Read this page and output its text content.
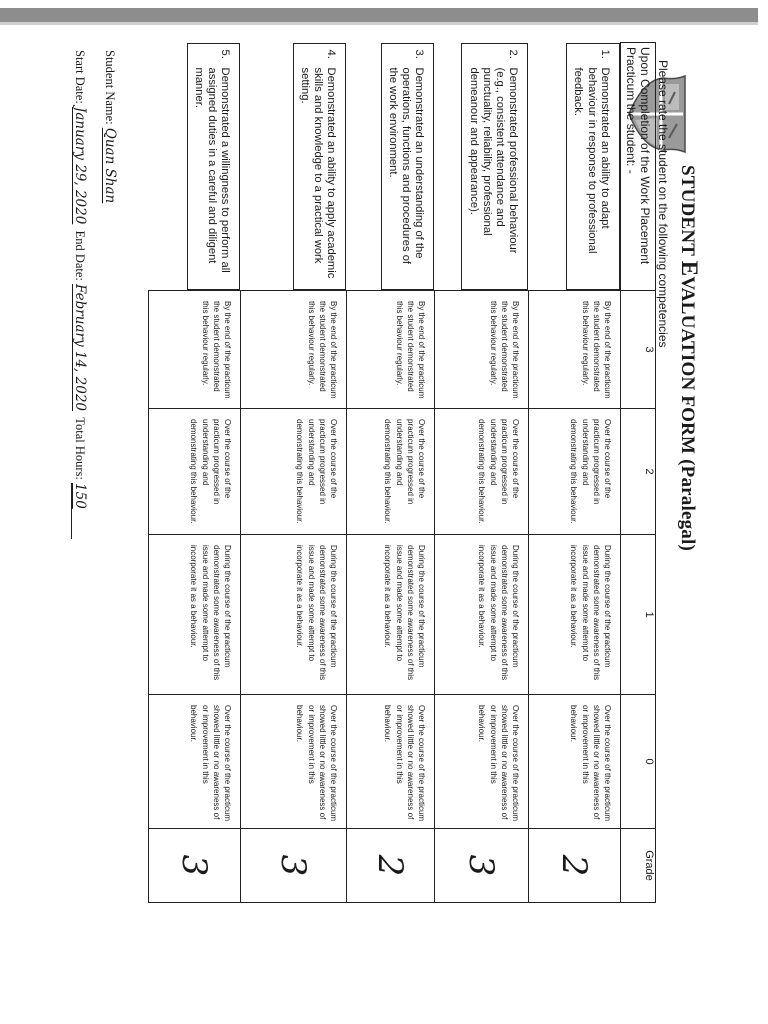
STUDENT EVALUATION FORM (Paralegal)
Please rate the student on the following competencies
Upon Completion of the Work Placement Practicum the student: -	3	2	1	0	Grade

1.
Demonstrated an ability to adapt behaviour in response to professional feedback.
By the end of the practicum the student demonstrated this behaviour regularly.	Over the course of the practicum progressed in understanding and demonstrating this behaviour.	During the course of the practicum demonstrated some awareness of this issue and made some attempt to incorporate it as a behaviour.	Over the course of the practicum showed little or no awareness of or improvement in this behaviour.	2

2.
Demonstrated professional behaviour (e.g., consistent attendance and punctuality, reliability, professional demeanour and appearance).
By the end of the practicum the student demonstrated this behaviour regularly.	Over the course of the practicum progressed in understanding and demonstrating this behaviour.	During the course of the practicum demonstrated some awareness of this issue and made some attempt to incorporate it as a behaviour.	Over the course of the practicum showed little or no awareness of or improvement in this behaviour.	3

3.
Demonstrated an understanding of the operations, functions and procedures of the work environment.
By the end of the practicum the student demonstrated this behaviour regularly.	Over the course of the practicum progressed in understanding and demonstrating this behaviour.	During the course of the practicum demonstrated some awareness of this issue and made some attempt to incorporate it as a behaviour.	Over the course of the practicum showed little or no awareness of or improvement in this behaviour.	2

4.
Demonstrated an ability to apply academic skills and knowledge to a practical work setting.
By the end of the practicum the student demonstrated this behaviour regularly.	Over the course of the practicum progressed in understanding and demonstrating this behaviour.	During the course of the practicum demonstrated some awareness of this issue and made some attempt to incorporate it as a behaviour.	Over the course of the practicum showed little or no awareness of or improvement in this behaviour.	3

5.
Demonstrated a willingness to perform all assigned duties in a careful and diligent manner.
By the end of the practicum the student demonstrated this behaviour regularly.	Over the course of the practicum progressed in understanding and demonstrating this behaviour.	During the course of the practicum demonstrated some awareness of this issue and made some attempt to incorporate it as a behaviour.	Over the course of the practicum showed little or no awareness of or improvement in this behaviour.	3
Student Name: Quan Shan
Start Date: January 29, 2020  End Date: February 14, 2020  Total Hours: 150
